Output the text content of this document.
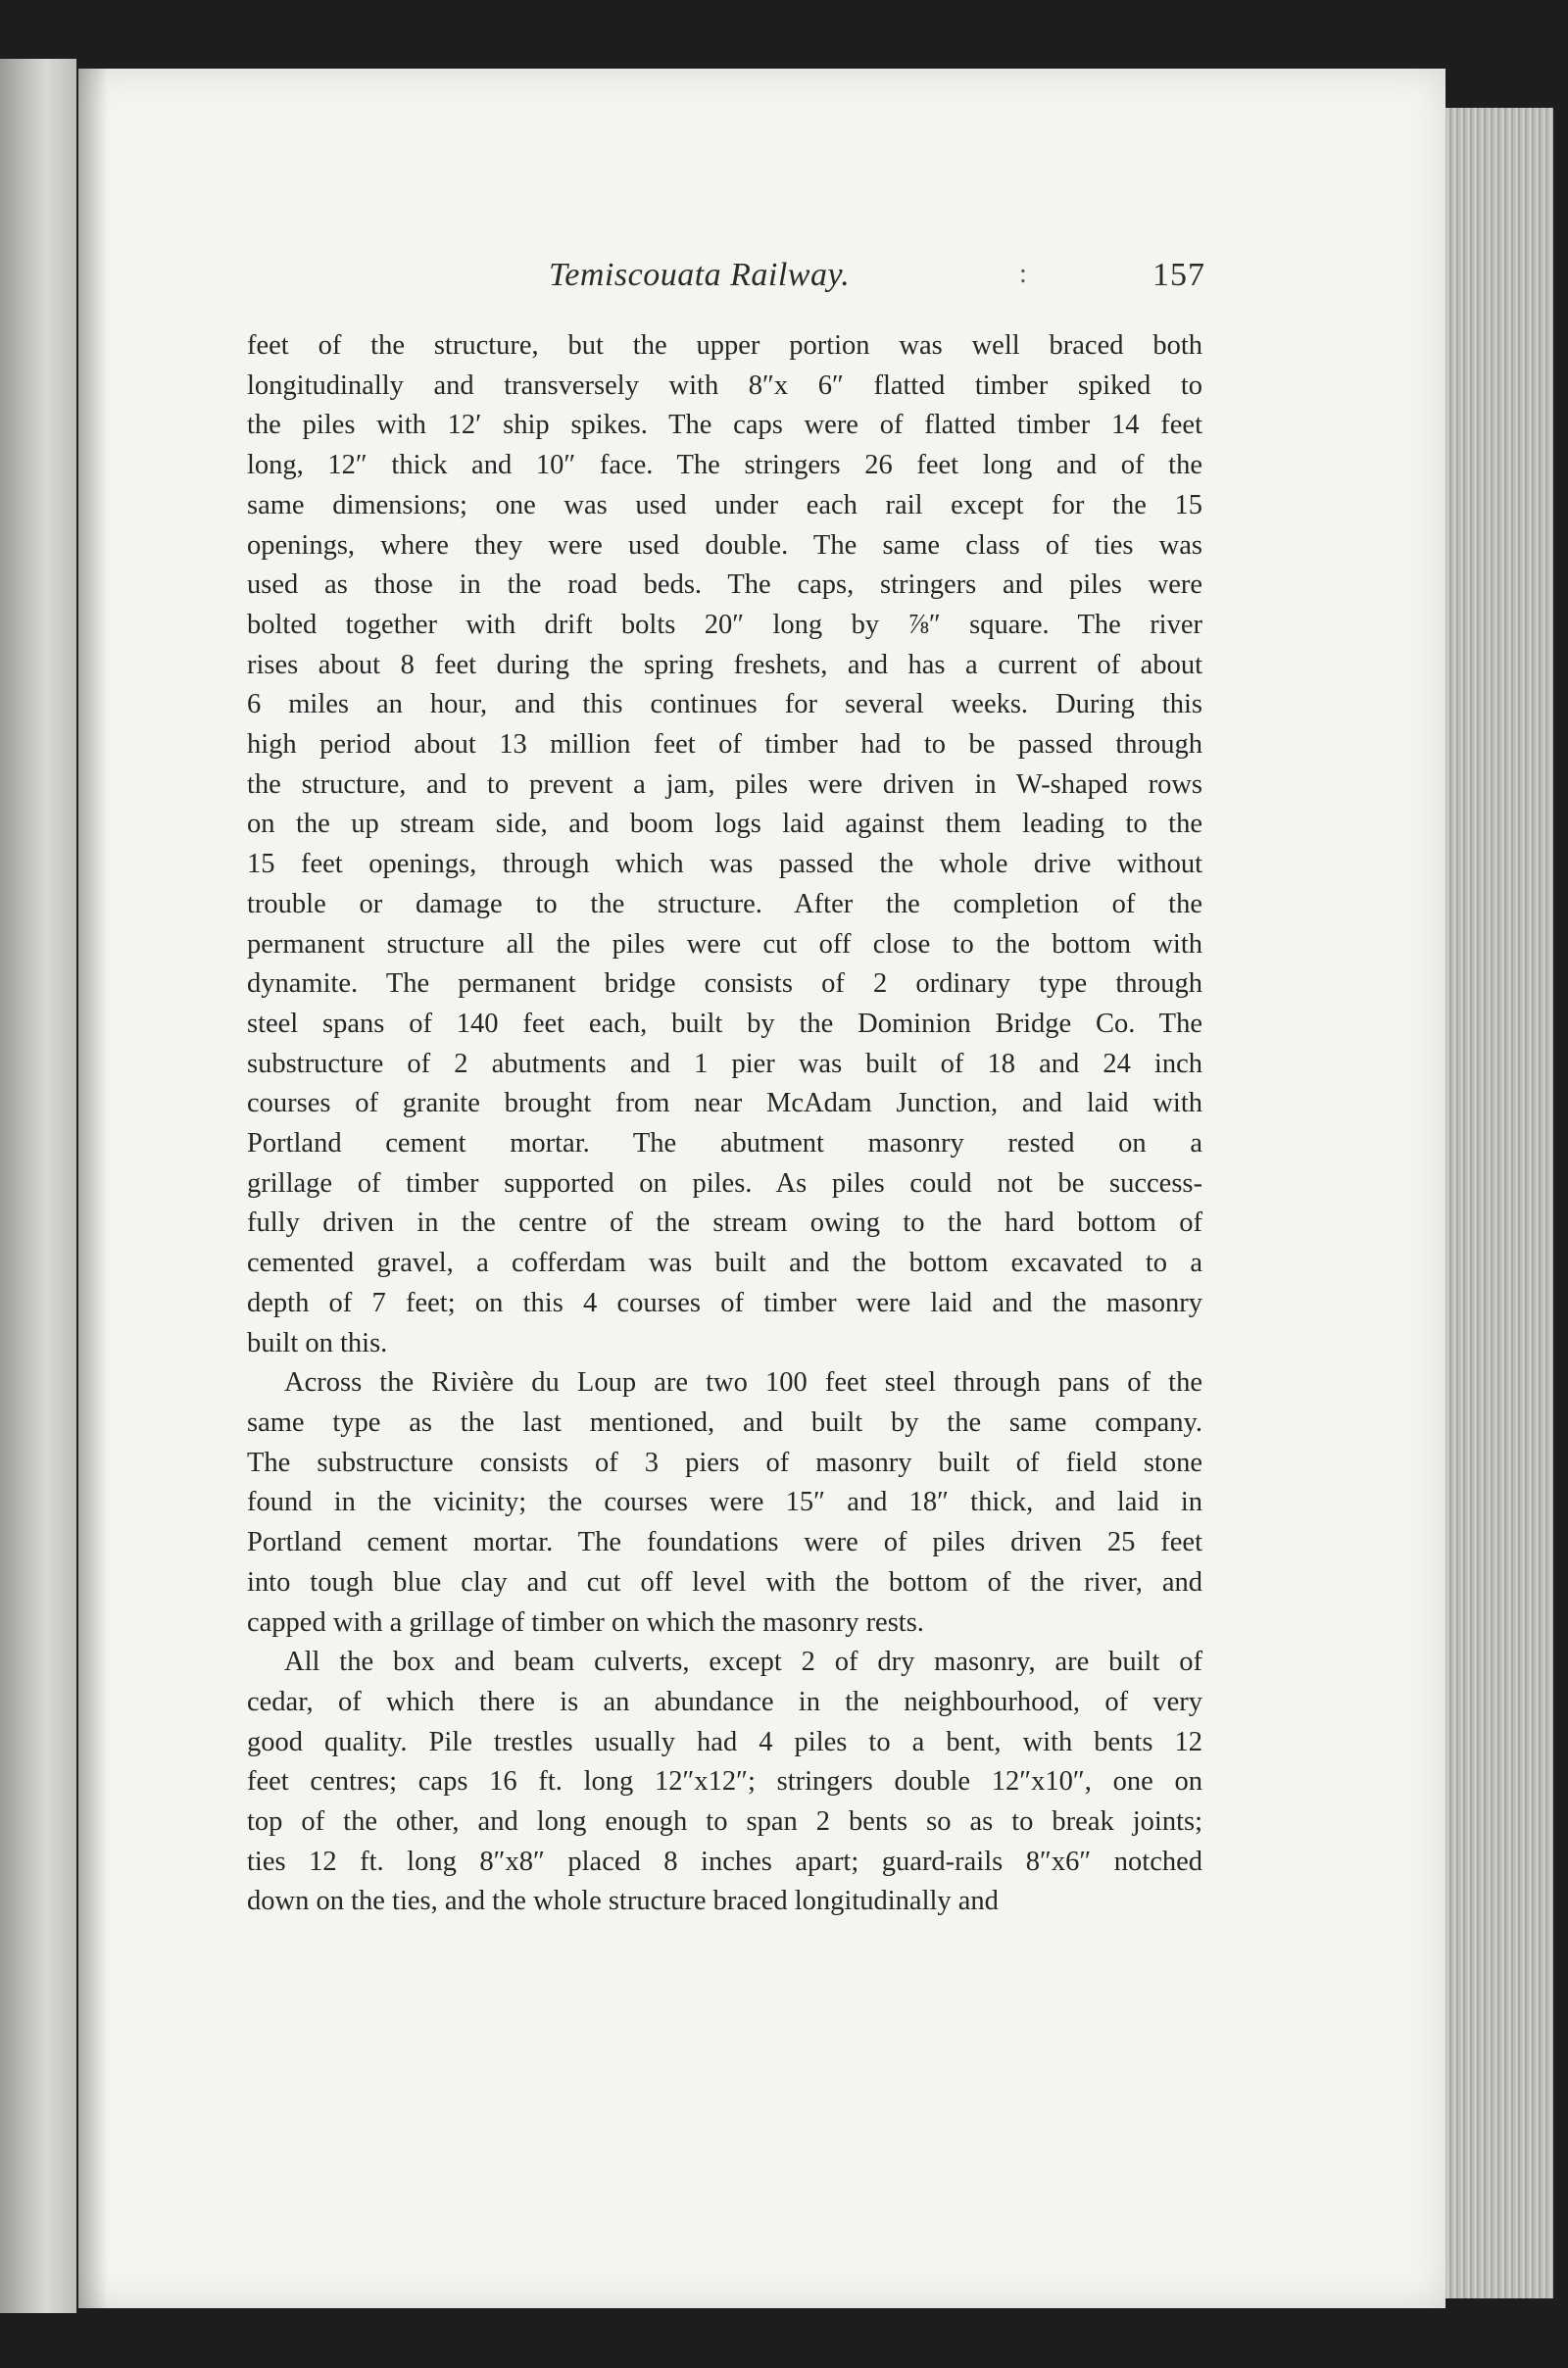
Temiscouata Railway.	:	157
feet of the structure, but the upper portion was well braced both
longitudinally and transversely with 8″x 6″ flatted timber spiked to
the piles with 12′ ship spikes. The caps were of flatted timber 14 feet
long, 12″ thick and 10″ face. The stringers 26 feet long and of the
same dimensions; one was used under each rail except for the 15
openings, where they were used double. The same class of ties was
used as those in the road beds. The caps, stringers and piles were
bolted together with drift bolts 20″ long by ⅞″ square. The river
rises about 8 feet during the spring freshets, and has a current of about
6 miles an hour, and this continues for several weeks. During this
high period about 13 million feet of timber had to be passed through
the structure, and to prevent a jam, piles were driven in W-shaped rows
on the up stream side, and boom logs laid against them leading to the
15 feet openings, through which was passed the whole drive without
trouble or damage to the structure. After the completion of the
permanent structure all the piles were cut off close to the bottom with
dynamite. The permanent bridge consists of 2 ordinary type through
steel spans of 140 feet each, built by the Dominion Bridge Co. The
substructure of 2 abutments and 1 pier was built of 18 and 24 inch
courses of granite brought from near McAdam Junction, and laid with
Portland cement mortar. The abutment masonry rested on a
grillage of timber supported on piles. As piles could not be success-
fully driven in the centre of the stream owing to the hard bottom of
cemented gravel, a cofferdam was built and the bottom excavated to a
depth of 7 feet; on this 4 courses of timber were laid and the masonry
built on this.
Across the Rivière du Loup are two 100 feet steel through pans of the
same type as the last mentioned, and built by the same company.
The substructure consists of 3 piers of masonry built of field stone
found in the vicinity; the courses were 15″ and 18″ thick, and laid in
Portland cement mortar. The foundations were of piles driven 25 feet
into tough blue clay and cut off level with the bottom of the river, and
capped with a grillage of timber on which the masonry rests.
All the box and beam culverts, except 2 of dry masonry, are built of
cedar, of which there is an abundance in the neighbourhood, of very
good quality. Pile trestles usually had 4 piles to a bent, with bents 12
feet centres; caps 16 ft. long 12″x12″; stringers double 12″x10″, one on
top of the other, and long enough to span 2 bents so as to break joints;
ties 12 ft. long 8″x8″ placed 8 inches apart; guard-rails 8″x6″ notched
down on the ties, and the whole structure braced longitudinally and
